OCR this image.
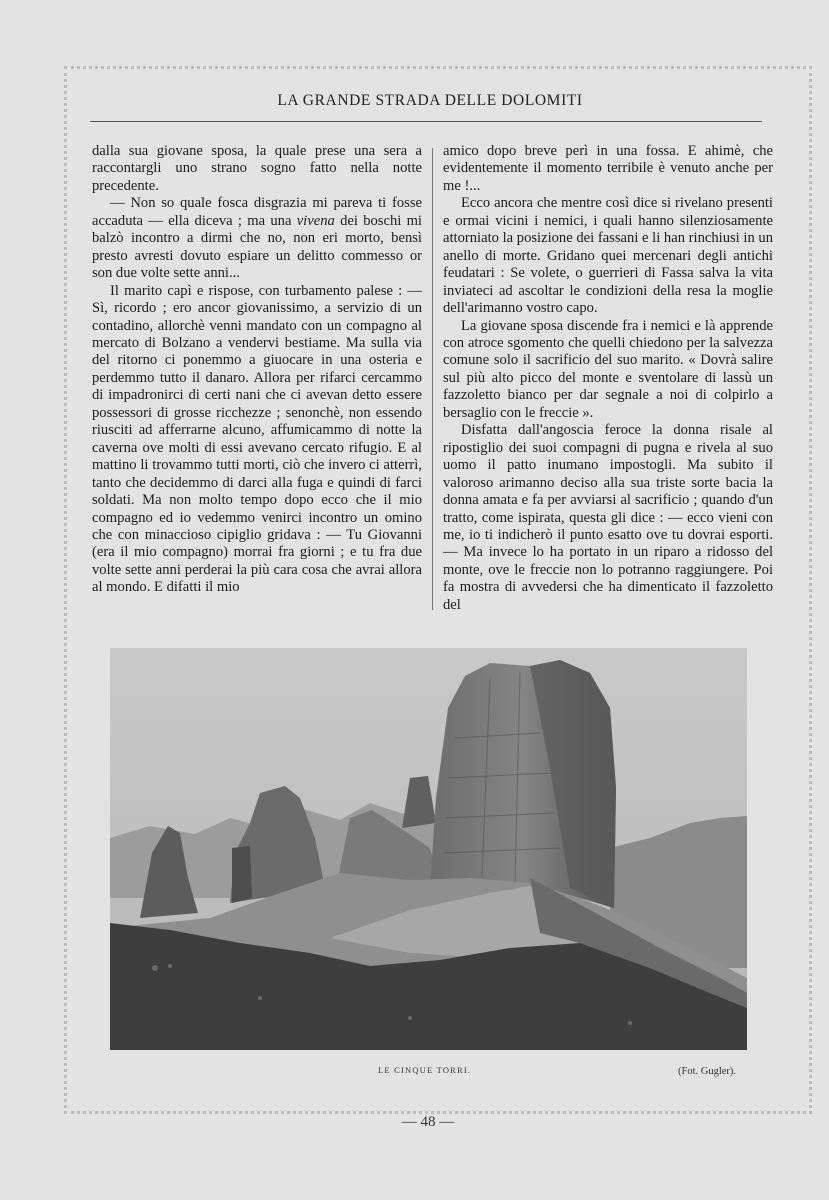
LA GRANDE STRADA DELLE DOLOMITI

dalla sua giovane sposa, la quale prese una sera a raccontargli uno strano sogno fatto nella notte precedente.

— Non so quale fosca disgrazia mi pareva ti fosse accaduta — ella diceva ; ma una vivena dei boschi mi balzò incontro a dirmi che no, non eri morto, bensì presto avresti dovuto espiare un delitto commesso or son due volte sette anni...

Il marito capì e rispose, con turbamento palese : — Sì, ricordo ; ero ancor giovanissimo, a servizio di un contadino, allorchè venni mandato con un compagno al mercato di Bolzano a vendervi bestiame. Ma sulla via del ritorno ci ponemmo a giuocare in una osteria e perdemmo tutto il danaro. Allora per rifarci cercammo di impadronirci di certi nani che ci avevan detto essere possessori di grosse ricchezze ; senonchè, non essendo riusciti ad afferrarne alcuno, affumicammo di notte la caverna ove molti di essi avevano cercato rifugio. E al mattino li trovammo tutti morti, ciò che invero ci atterrì, tanto che decidemmo di darci alla fuga e quindi di farci soldati. Ma non molto tempo dopo ecco che il mio compagno ed io vedemmo venirci incontro un omino che con minaccioso cipiglio gridava : — Tu Giovanni (era il mio compagno) morrai fra giorni ; e tu fra due volte sette anni perderai la più cara cosa che avrai allora al mondo. E difatti il mio

amico dopo breve perì in una fossa. E ahimè, che evidentemente il momento terribile è venuto anche per me !...

Ecco ancora che mentre così dice si rivelano presenti e ormai vicini i nemici, i quali hanno silenziosamente attorniato la posizione dei fassani e li han rinchiusi in un anello di morte. Gridano quei mercenari degli antichi feudatari : Se volete, o guerrieri di Fassa salva la vita inviateci ad ascoltar le condizioni della resa la moglie dell'arimanno vostro capo.

La giovane sposa discende fra i nemici e là apprende con atroce sgomento che quelli chiedono per la salvezza comune solo il sacrificio del suo marito. « Dovrà salire sul più alto picco del monte e sventolare di lassù un fazzoletto bianco per dar segnale a noi di colpirlo a bersaglio con le freccie ».

Disfatta dall'angoscia feroce la donna risale al ripostiglio dei suoi compagni di pugna e rivela al suo uomo il patto inumano impostogli. Ma subito il valoroso arimanno deciso alla sua triste sorte bacia la donna amata e fa per avviarsi al sacrificio ; quando d'un tratto, come ispirata, questa gli dice : — ecco vieni con me, io ti indicherò il punto esatto ove tu dovrai esporti. — Ma invece lo ha portato in un riparo a ridosso del monte, ove le freccie non lo potranno raggiungere. Poi fa mostra di avvedersi che ha dimenticato il fazzoletto del

LE CINQUE TORRI.	(Fot. Gugler).
— 48 —
